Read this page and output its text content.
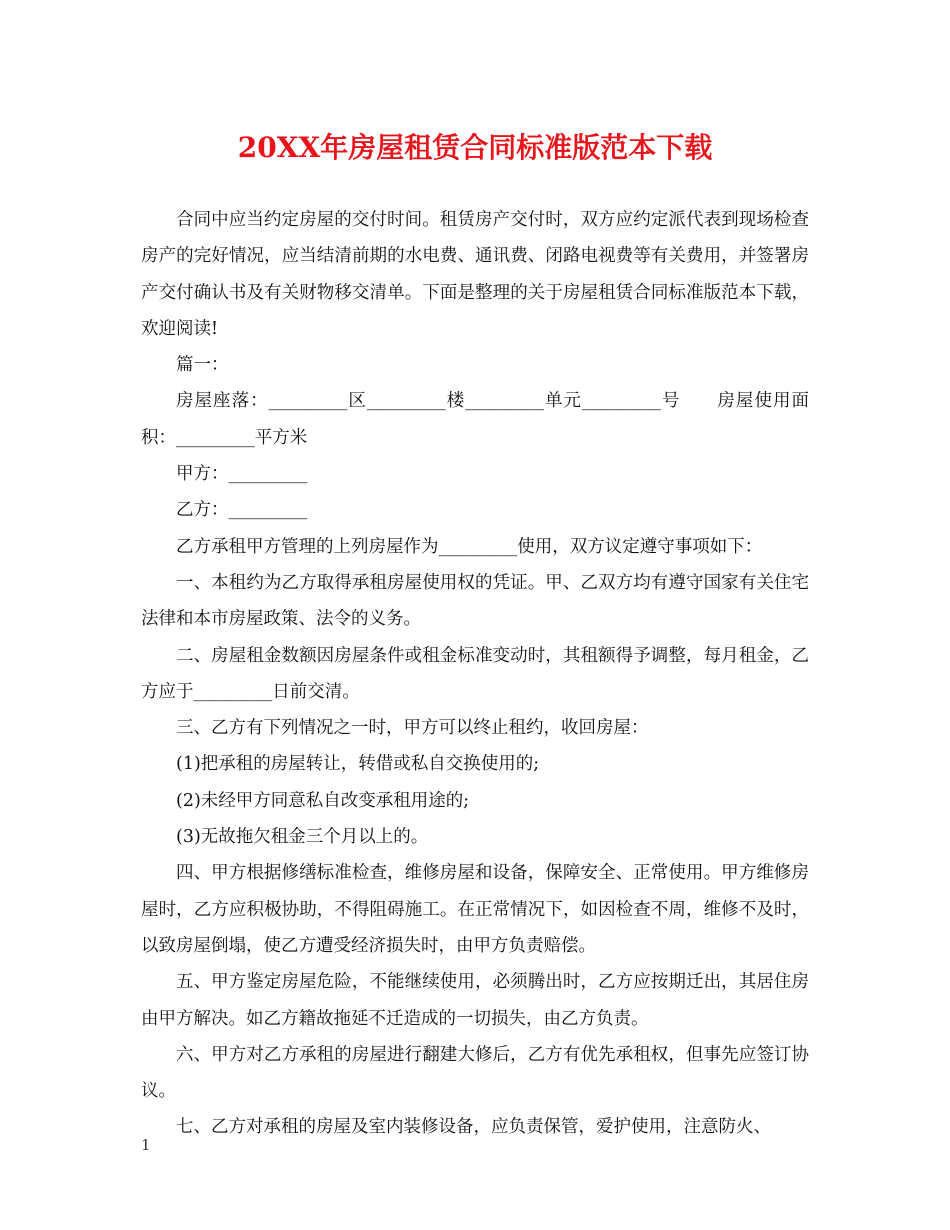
20XX年房屋租赁合同标准版范本下载

合同中应当约定房屋的交付时间。租赁房产交付时，双方应约定派代表到现场检查房产的完好情况，应当结清前期的水电费、通讯费、闭路电视费等有关费用，并签署房产交付确认书及有关财物移交清单。下面是整理的关于房屋租赁合同标准版范本下载，欢迎阅读!

篇一：

房屋座落：_________区_________楼_________单元_________号　　房屋使用面积：_________平方米

甲方：_________

乙方：_________

乙方承租甲方管理的上列房屋作为_________使用，双方议定遵守事项如下：

一、本租约为乙方取得承租房屋使用权的凭证。甲、乙双方均有遵守国家有关住宅法律和本市房屋政策、法令的义务。

二、房屋租金数额因房屋条件或租金标准变动时，其租额得予调整，每月租金，乙方应于_________日前交清。

三、乙方有下列情况之一时，甲方可以终止租约，收回房屋：

(1)把承租的房屋转让，转借或私自交换使用的;

(2)未经甲方同意私自改变承租用途的;

(3)无故拖欠租金三个月以上的。

四、甲方根据修缮标准检查，维修房屋和设备，保障安全、正常使用。甲方维修房屋时，乙方应积极协助，不得阻碍施工。在正常情况下，如因检查不周，维修不及时，以致房屋倒塌，使乙方遭受经济损失时，由甲方负责赔偿。

五、甲方鉴定房屋危险，不能继续使用，必须腾出时，乙方应按期迁出，其居住房由甲方解决。如乙方籍故拖延不迁造成的一切损失，由乙方负责。

六、甲方对乙方承租的房屋进行翻建大修后，乙方有优先承租权，但事先应签订协议。

七、乙方对承租的房屋及室内装修设备，应负责保管，爱护使用，注意防火、

1
